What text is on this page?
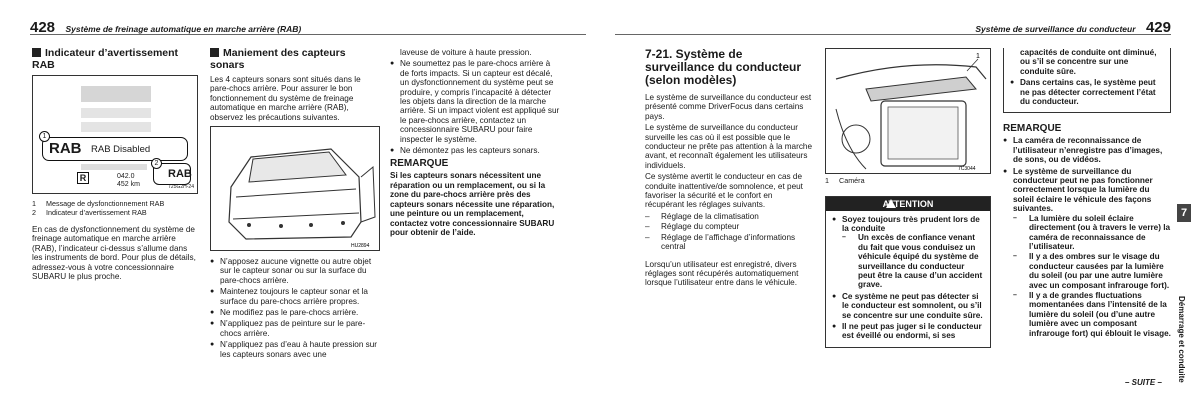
428 Système de freinage automatique en marche arrière (RAB)	Système de surveillance du conducteur 429
Indicateur d’avertissement RAB
RAB RAB Disabled
1
RAB
2
R	042.0
452 km	725G2H-24
1	Message de dysfonctionnement RAB
2	Indicateur d’avertissement RAB

En cas de dysfonctionnement du système de freinage automatique en marche arrière (RAB), l’indicateur ci-dessus s’allume dans les instruments de bord. Pour plus de détails, adressez-vous à votre concessionnaire SUBARU le plus proche.

Maniement des capteurs sonars

Les 4 capteurs sonars sont situés dans le pare-chocs arrière. Pour assurer le bon fonctionnement du système de freinage automatique en marche arrière (RAB), observez les précautions suivantes.

HU2894
● N’apposez aucune vignette ou autre objet sur le capteur sonar ou sur la surface du pare-chocs arrière.
● Maintenez toujours le capteur sonar et la surface du pare-chocs arrière propres.
● Ne modifiez pas le pare-chocs arrière.
● N’appliquez pas de peinture sur le pare-chocs arrière.
● N’appliquez pas d’eau à haute pression sur les capteurs sonars avec une

laveuse de voiture à haute pression.

● Ne soumettez pas le pare-chocs arrière à de forts impacts. Si un capteur est décalé, un dysfonctionnement du système peut se produire, y compris l’incapacité à détecter les objets dans la direction de la marche arrière. Si un impact violent est appliqué sur le pare-chocs arrière, contactez un concessionnaire SUBARU pour faire inspecter le système.
● Ne démontez pas les capteurs sonars.
REMARQUE

Si les capteurs sonars nécessitent une réparation ou un remplacement, ou si la zone du pare-chocs arrière près des capteurs sonars nécessite une réparation, une peinture ou un remplacement, contactez votre concessionnaire SUBARU pour obtenir de l’aide.

7-21. Système de surveillance du conducteur (selon modèles)

Le système de surveillance du conducteur est présenté comme DriverFocus dans certains pays.

Le système de surveillance du conducteur surveille les cas où il est possible que le conducteur ne prête pas attention à la marche avant, et reconnaît également les utilisateurs individuels.

Ce système avertit le conducteur en cas de conduite inattentive/de somnolence, et peut favoriser la sécurité et le confort en récupérant les réglages suivants.

– Réglage de la climatisation
– Réglage du compteur
– Réglage de l’affichage d’informations central

Lorsqu’un utilisateur est enregistré, divers réglages sont récupérés automatiquement lorsque l’utilisateur entre dans le véhicule.

1
7C3044
1	Caméra
ATTENTION
● Soyez toujours très prudent lors de la conduite
– Un excès de confiance venant du fait que vous conduisez un véhicule équipé du système de surveillance du conducteur peut être la cause d’un accident grave.
● Ce système ne peut pas détecter si le conducteur est somnolent, ou s’il se concentre sur une conduite sûre.
● Il ne peut pas juger si le conducteur est éveillé ou endormi, si ses

capacités de conduite ont diminué, ou s’il se concentre sur une conduite sûre.

● Dans certains cas, le système peut ne pas détecter correctement l’état du conducteur.
REMARQUE
● La caméra de reconnaissance de l’utilisateur n’enregistre pas d’images, de sons, ou de vidéos.
● Le système de surveillance du conducteur peut ne pas fonctionner correctement lorsque la lumière du soleil éclaire le véhicule des façons suivantes.
– La lumière du soleil éclaire directement (ou à travers le verre) la caméra de reconnaissance de l’utilisateur.
– Il y a des ombres sur le visage du conducteur causées par la lumière du soleil (ou par une autre lumière avec un composant infrarouge fort).
– Il y a de grandes fluctuations momentanées dans l’intensité de la lumière du soleil (ou d’une autre lumière avec un composant infrarouge fort) qui éblouit le visage.
– SUITE –
7
Démarrage et conduite
